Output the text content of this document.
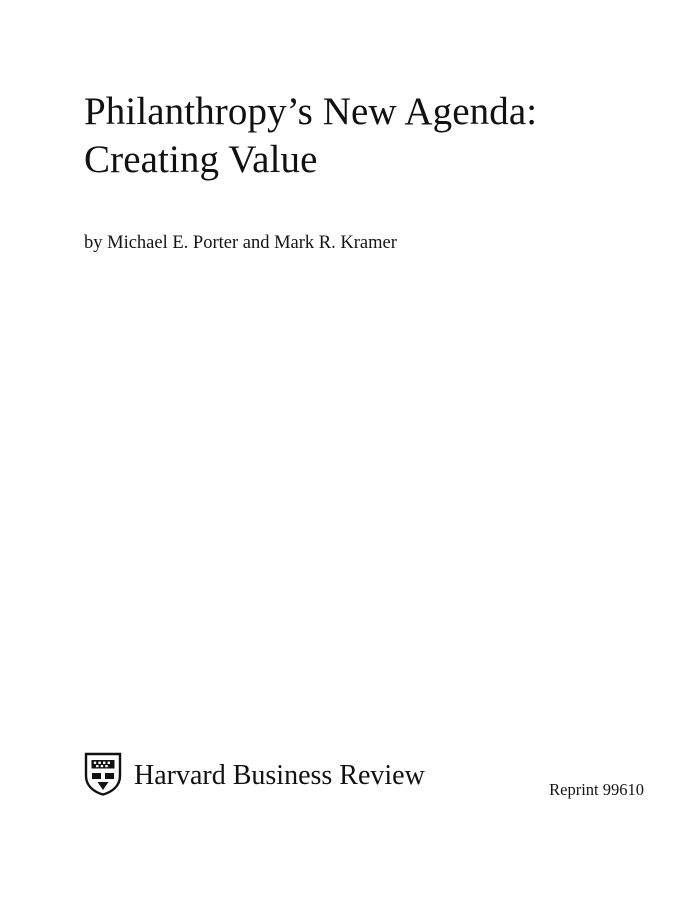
Philanthropy’s New Agenda:
Creating Value
by Michael E. Porter and Mark R. Kramer
Harvard Business Review	Reprint 99610
